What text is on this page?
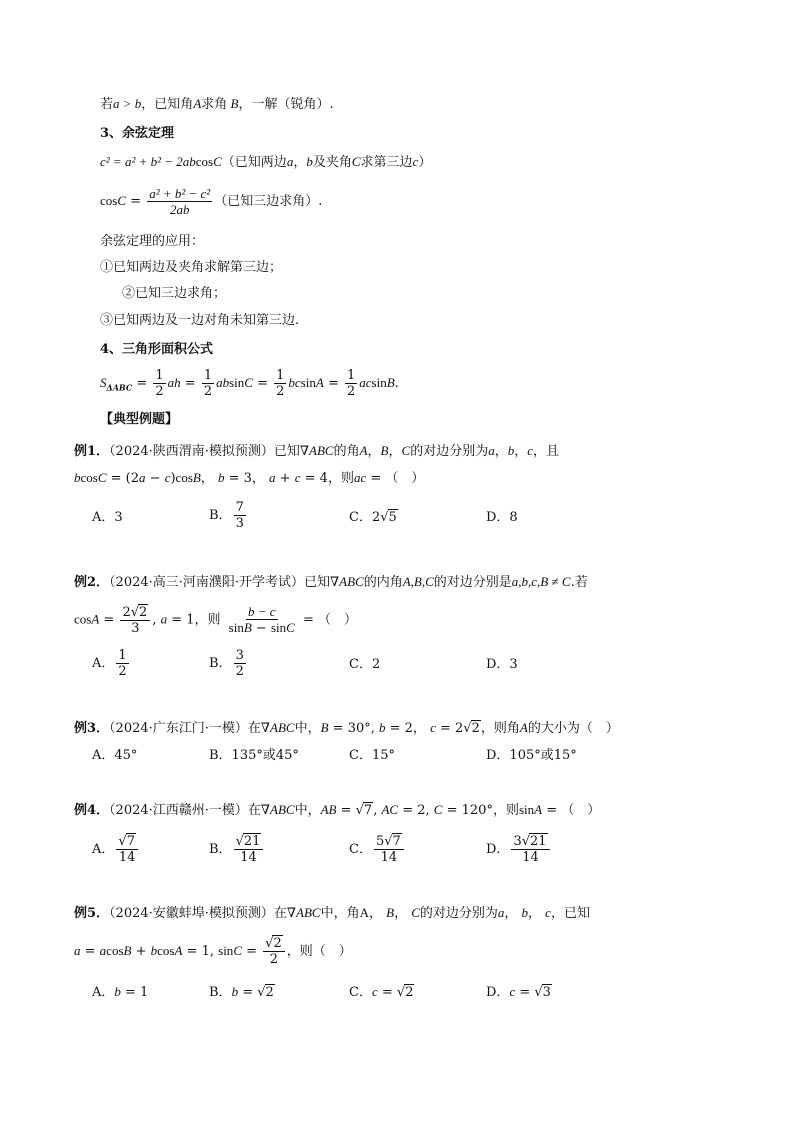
若a > b，已知角A求角 B，一解（锐角）.
3、余弦定理
c² = a² + b² − 2abcosC（已知两边a，b及夹角C求第三边c）
$\cos C = \frac{\text{a² + b² − c²}}{2ab}$ （已知三边求角）.
余弦定理的应用：
①已知两边及夹角求解第三边；
②已知三边求角；
③已知两边及一边对角未知第三边.
4、三角形面积公式
$S_{\Delta ABC} = \frac{1}{2}$ ah = $\frac{1}{2}$ $absinC = \frac{1}{2}$ $bcsinA = \frac{1}{2} acsinB$.
【典型例题】
例1．（2024·陕西渭南·模拟预测）已知∇ABC的角A，B，C的对边分别为a，b，c，且
bcosC = (2a − c)cosB， b = 3， a + c = 4，则ac = （　）
A．3	B． $\frac{7}{3}$	C．2√5	D．8
例2．（2024·高三·河南濮阳·开学考试）已知∇ABC的内角A,B,C的对边分别是a,b,c,B ≠ C.若
$\cos A = \frac{2√2}{3}$ , a = 1，则 $\frac{b - c}{\sin B - \sin C}$ = （　）
A． $\frac{1}{2}$	B． $\frac{3}{2}$	C．2	D．3
例3．（2024·广东江门·一模）在∇ABC中，B = 30°, b = 2， c = 2√2，则角A的大小为（　）
A．45°	B．135°或45°	C．15°	D．105°或15°
例4．（2024·江西赣州·一模）在∇ABC中，AB = √7, AC = 2, C = 120°，则sinA = （　）
A． $\frac{√7}{14}$	B． $\frac{√21}{14}$	C． $\frac{5√7}{14}$	D． $\frac{3√21}{14}$
例5．（2024·安徽蚌埠·模拟预测）在∇ABC中，角A， B， C的对边分别为a， b， c，已知
a = acosB + bcosA = 1, $\sin C = \frac{√2}{2}$ ，则（　）
A．b = 1	B．b = √2	C．c = √2	D．c = √3
